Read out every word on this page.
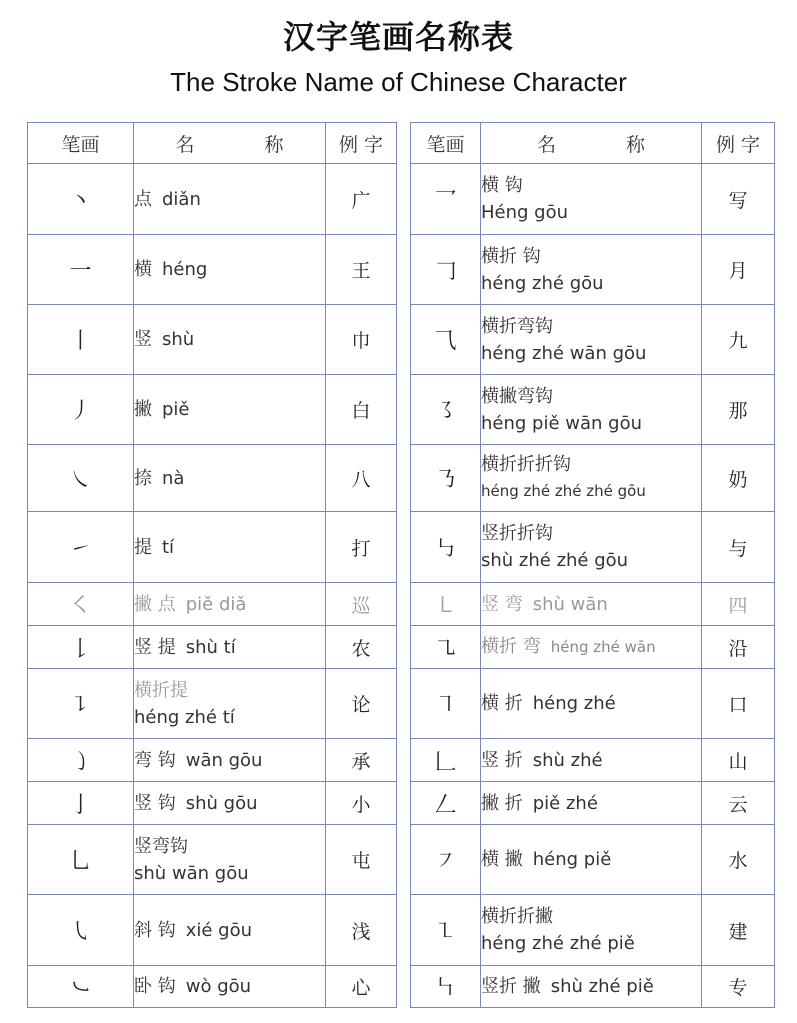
汉字笔画名称表
The Stroke Name of Chinese Character
笔画	名 称	例 字
丶	点 diǎn	广
一	横 héng	王
丨	竖 shù	巾
丿	撇 piě	白
㇏	捺 nà	八
㇀	提 tí	打
㇛	撇 点 piě diǎ	巡
𠄌	竖 提 shù tí	农
㇊	横折提
héng zhé tí	论
㇁	弯 钩 wān gōu	承
亅	竖 钩 shù gōu	小
乚	竖弯钩
shù wān gōu	屯
㇂	斜 钩 xié gōu	浅
㇃	卧 钩 wò gōu	心
笔画	名 称	例 字
乛	横 钩
Héng gōu	写
𠃌	横折 钩
héng zhé gōu	月
⺄	横折弯钩
héng zhé wān gōu	九
㇌	横撇弯钩
héng piě wān gōu	那
㇡	横折折折钩
héng zhé zhé zhé gōu	奶
㇉	竖折折钩
shù zhé zhé gōu	与
㇄	竖 弯 shù wān	四
㇈	横折 弯 héng zhé wān	沿
㇕	横 折 héng zhé	口
𠃊	竖 折 shù zhé	山
𠃋	撇 折 piě zhé	云
㇇	横 撇 héng piě	水
㇅	横折折撇
héng zhé zhé piě	建
㇞	竖折 撇 shù zhé piě	专
